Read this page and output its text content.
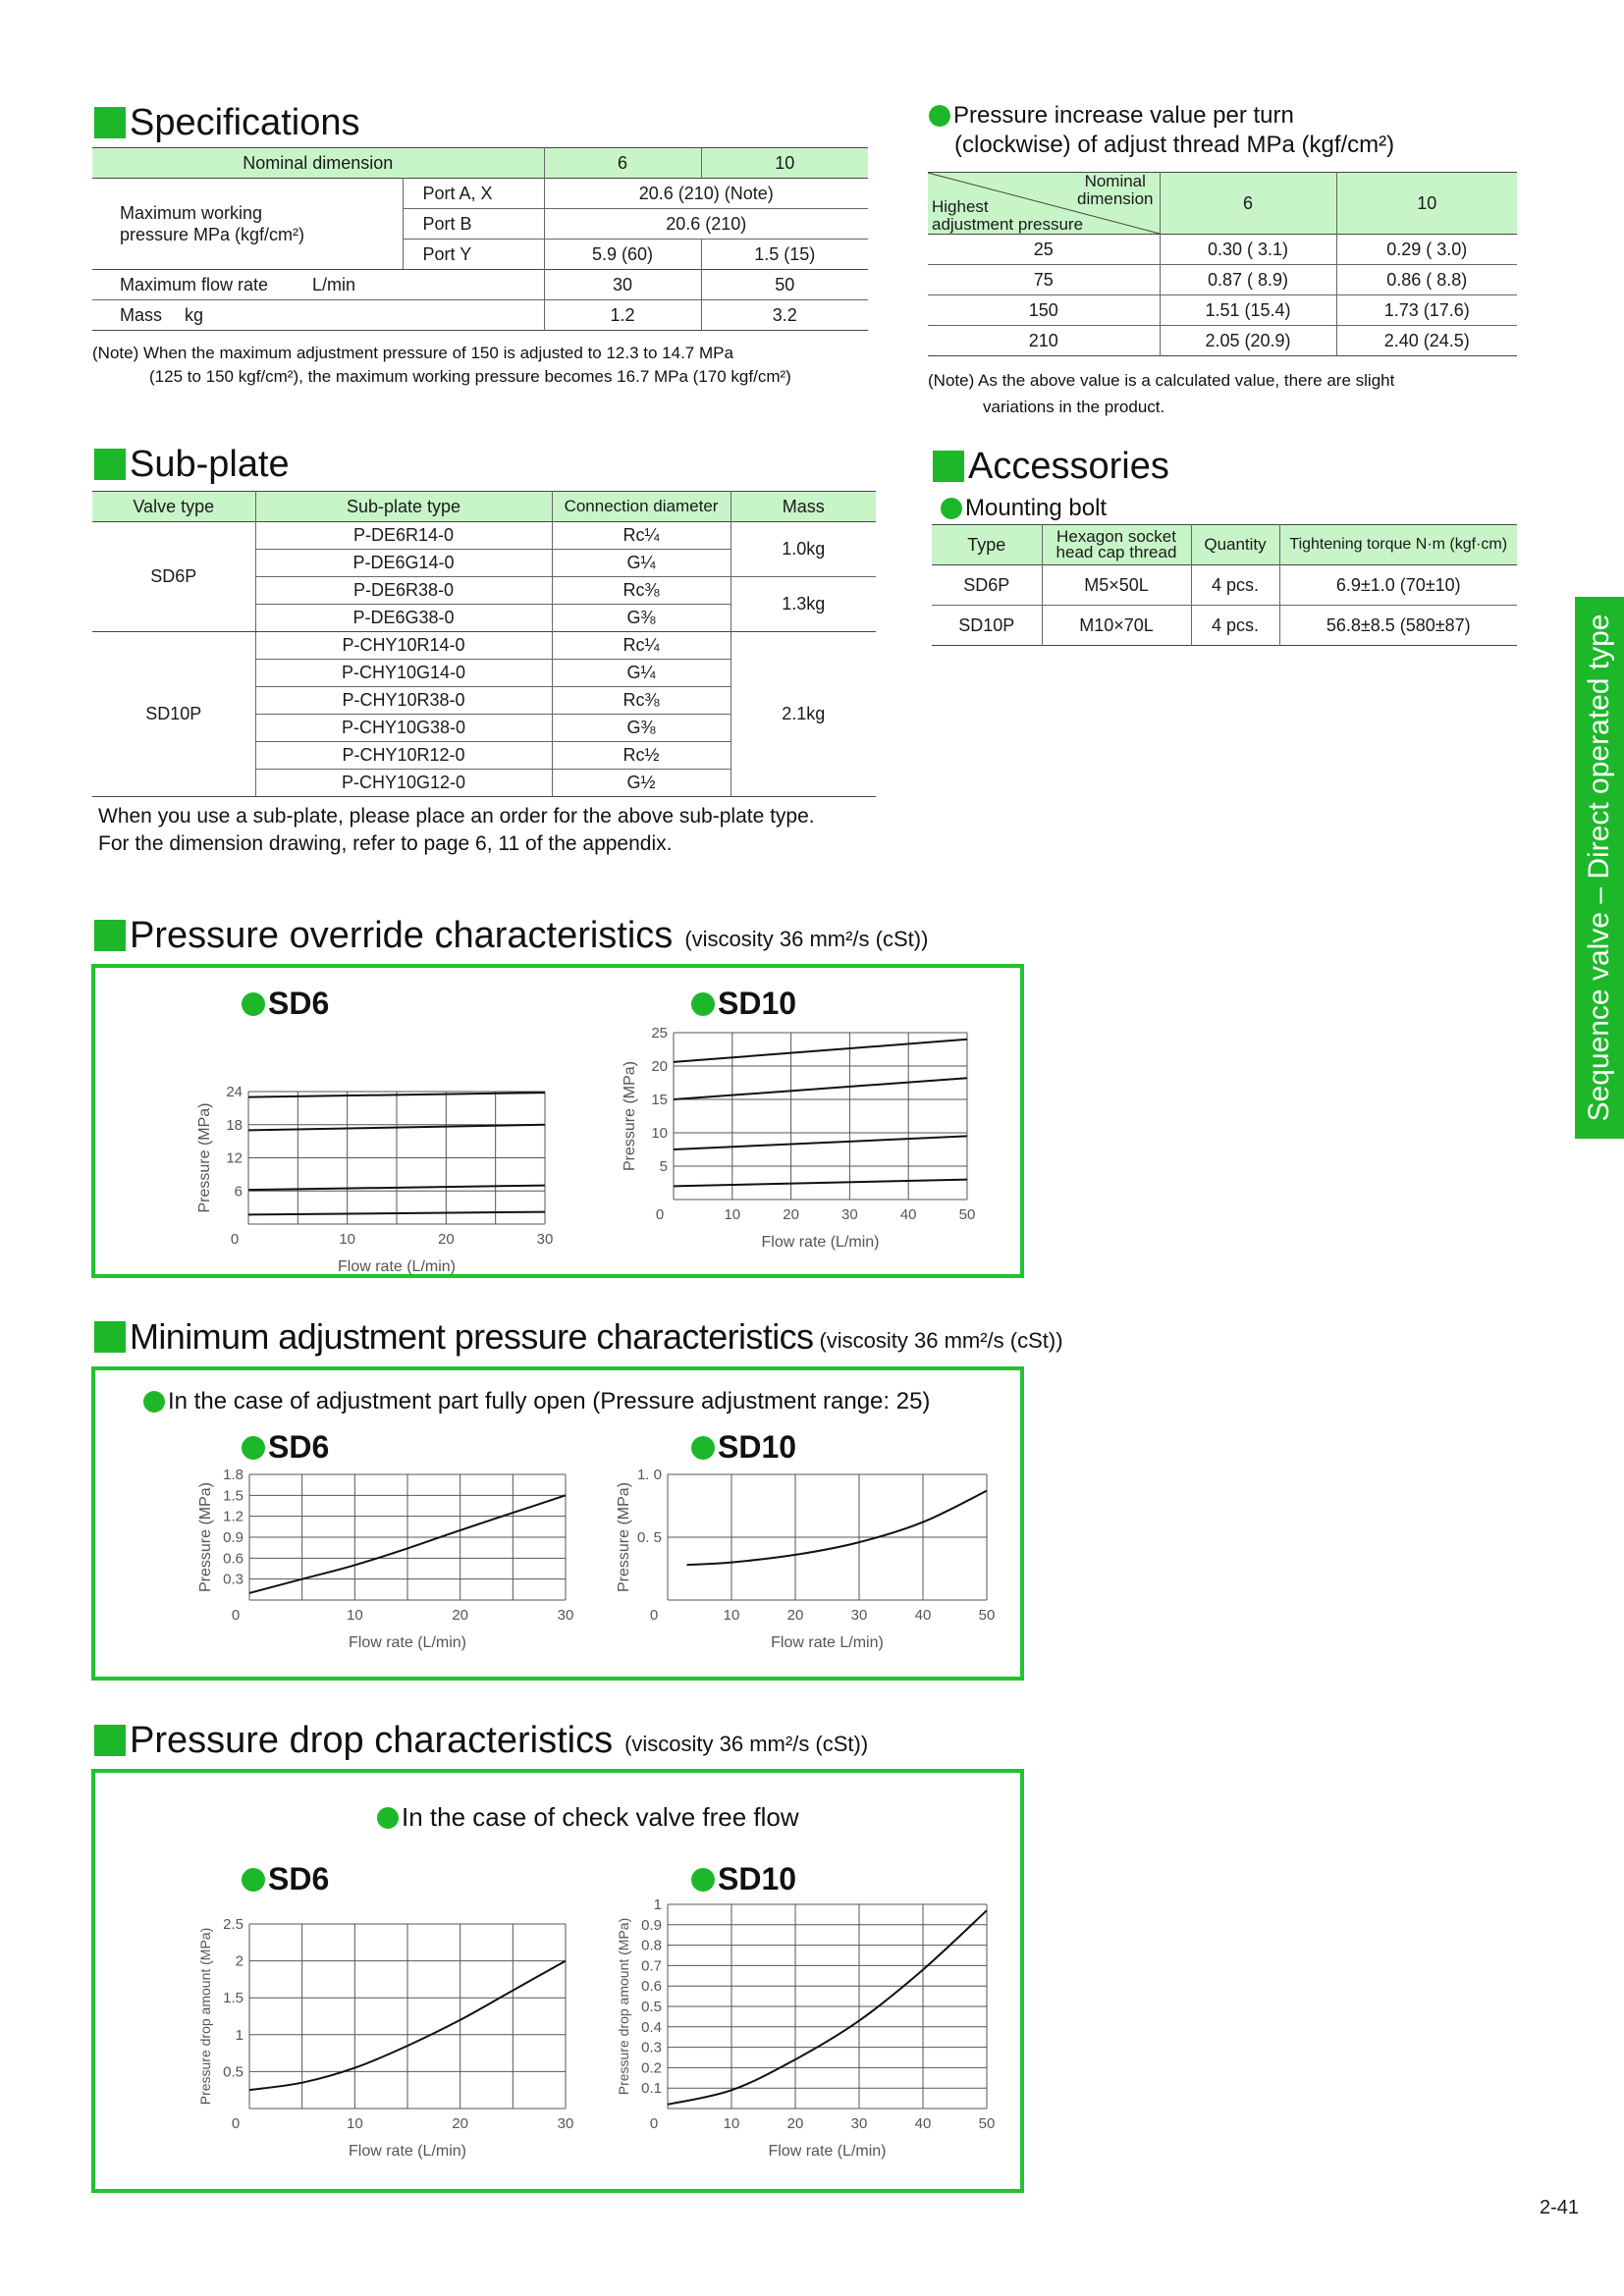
Specifications
Nominal dimension		6	10

Maximum working
pressure MPa (kgf/cm²)	Port A, X	20.6 (210) (Note)	
	Port B	20.6 (210)	
	Port Y	5.9 (60)	1.5 (15)
Maximum flow rate L/min		30	50
Mass kg		1.2	3.2
(Note) When the maximum adjustment pressure of 150 is adjusted to 12.3 to 14.7 MPa
(125 to 150 kgf/cm²), the maximum working pressure becomes 16.7 MPa (170 kgf/cm²)
Pressure increase value per turn
(clockwise) of adjust thread MPa (kgf/cm²)
Nominal
dimension
Highest
adjustment pressure	6	10
25	0.30 ( 3.1)	0.29 ( 3.0)
75	0.87 ( 8.9)	0.86 ( 8.8)
150	1.51 (15.4)	1.73 (17.6)
210	2.05 (20.9)	2.40 (24.5)
(Note) As the above value is a calculated value, there are slight
variations in the product.
Sub-plate
Valve type	Sub-plate type	Connection diameter	Mass
SD6P	P-DE6R14-0	Rc¼	1.0kg
	P-DE6G14-0	G¼	
	P-DE6R38-0	Rc⅜	1.3kg
	P-DE6G38-0	G⅜	
SD10P	P-CHY10R14-0	Rc¼	2.1kg
	P-CHY10G14-0	G¼	
	P-CHY10R38-0	Rc⅜	
	P-CHY10G38-0	G⅜	
	P-CHY10R12-0	Rc½	
	P-CHY10G12-0	G½	
When you use a sub-plate, please place an order for the above sub-plate type.
For the dimension drawing, refer to page 6, 11 of the appendix.
Accessories
Mounting bolt
Type	Hexagon socket
head cap thread	Quantity	Tightening torque N·m (kgf·cm)
SD6P	M5×50L	4 pcs.	6.9±1.0 (70±10)
SD10P	M10×70L	4 pcs.	56.8±8.5 (580±87)	Sequence valve – Direct operated type
Pressure override characteristics (viscosity 36 mm²/s (cSt))
SD6	SD10
0	10	20	30
6
12
18
24
Flow rate (L/min)
Pressure (MPa)
0	10	20	30	40	50
5
10
15
20
25
Flow rate (L/min)
Pressure (MPa)
Minimum adjustment pressure characteristics (viscosity 36 mm²/s (cSt))
In the case of adjustment part fully open (Pressure adjustment range: 25)
SD6	SD10
0	10	20	30
0.3
0.6
0.9
1.2
1.5
1.8
Flow rate (L/min)
Pressure (MPa)
0	10	20	30	40	50
0. 5
1. 0
Flow rate L/min)
Pressure (MPa)
Pressure drop characteristics (viscosity 36 mm²/s (cSt))
In the case of check valve free flow
SD6	SD10
0	10	20	30
0.5
1
1.5
2
2.5
Flow rate (L/min)
Pressure drop amount (MPa)
0	10	20	30	40	50
0.1
0.2
0.3
0.4
0.5
0.6
0.7
0.8
0.9
1
Flow rate (L/min)
Pressure drop amount (MPa)
2-41
